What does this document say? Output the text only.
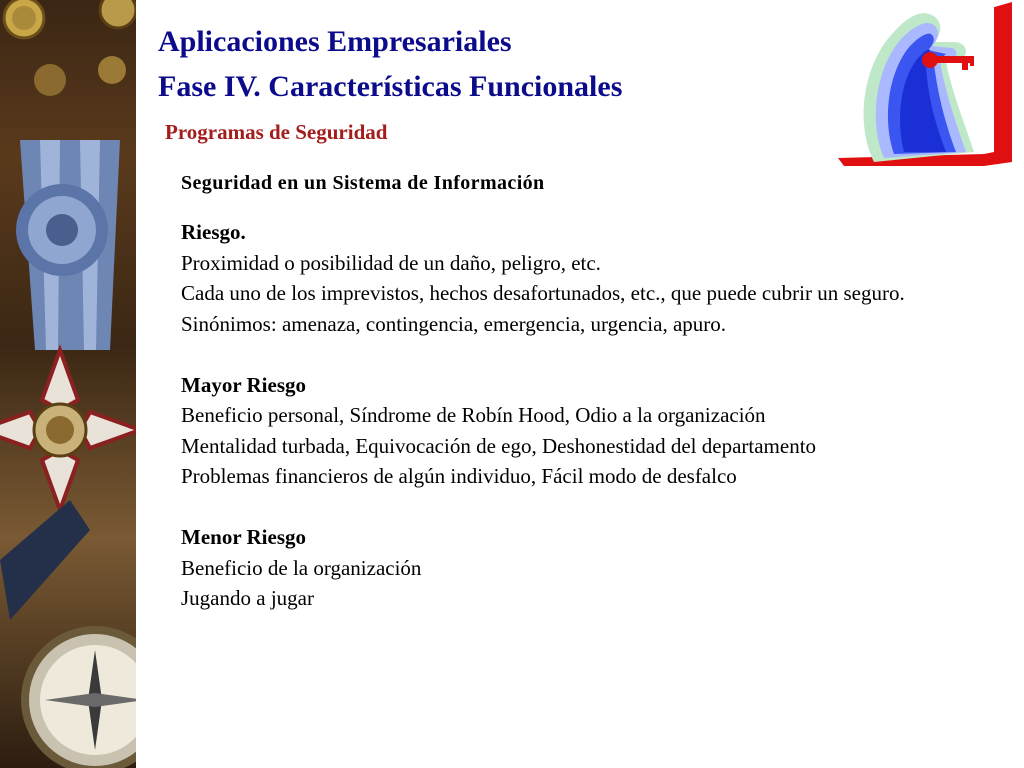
Aplicaciones Empresariales
Fase IV. Características Funcionales
Programas de Seguridad
Seguridad en un Sistema de Información

Riesgo.

Proximidad o posibilidad de un daño, peligro, etc.

Cada uno de los imprevistos, hechos desafortunados, etc., que puede cubrir un seguro.

Sinónimos: amenaza, contingencia, emergencia, urgencia, apuro.

Mayor Riesgo

Beneficio personal, Síndrome de Robín Hood, Odio a la organización

Mentalidad turbada, Equivocación de ego, Deshonestidad del departamento

Problemas financieros de algún individuo, Fácil modo de desfalco

Menor Riesgo

Beneficio de la organización

Jugando a jugar
